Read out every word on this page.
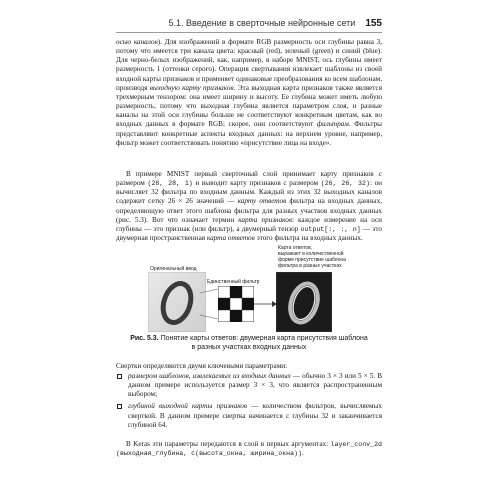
5.1. Введение в сверточные нейронные сети 155

осью каналов). Для изображений в формате RGB размерность оси глубины равна 3, потому что имеется три канала цвета: красный (red), зеленый (green) и синий (blue). Для черно-белых изображений, как, например, в наборе MNIST, ось глубины имеет размерность 1 (оттенки серого). Операция свертывания извлекает шаблоны из своей входной карты признаков и применяет одинаковые преобразования ко всем шаблонам, производя выходную карту признаков. Эта выходная карта признаков также является трехмерным тензором: она имеет ширину и высоту. Ее глубина может иметь любую размерность, потому что выходная глубина является параметром слоя, и разные каналы на этой оси глубины больше не соответствуют конкретным цветам, как во входных данных в формате RGB; скорее, они соответствуют фильтрам. Фильтры представляют конкретные аспекты входных данных: на верхнем уровне, например, фильтр может соответствовать понятию «присутствие лица на входе».

В примере MNIST первый сверточный слой принимает карту признаков с размером (28, 28, 1) и выводит карту признаков с размером (26, 26, 32): он вычисляет 32 фильтра по входным данным. Каждый из этих 32 выходных каналов содержит сетку 26 × 26 значений — карту ответов фильтра на входных данных, определяющую ответ этого шаблона фильтра для разных участков входных данных (рис. 5.3). Вот что означает термин карта признаков: каждое измерение на оси глубины — это признак (или фильтр), а двумерный тензор output[:, :, n] — это двумерная пространственная карта ответов этого фильтра на входных данных.

Оригинальный ввод
Единственный фильтр
Карта ответов,
выражает в количественной
форме присутствие шаблона
фильтра в разных участках
Рис. 5.3. Понятие карты ответов: двумерная карта присутствия шаблона
в разных участках входных данных

Свертки определяются двумя ключевыми параметрами:

размером шаблонов, извлекаемых из входных данных — обычно 3 × 3 или 5 × 5. В данном примере используется размер 3 × 3, что является распространенным выбором;
глубиной выходной карты признаков — количеством фильтров, вычисляемых сверткой. В данном примере свертка начинается с глубины 32 и заканчивается глубиной 64.

В Keras эти параметры передаются в слой в первых аргументах: layer_conv_2d (выходная_глубина, c(высота_окна, ширина_окна)).
